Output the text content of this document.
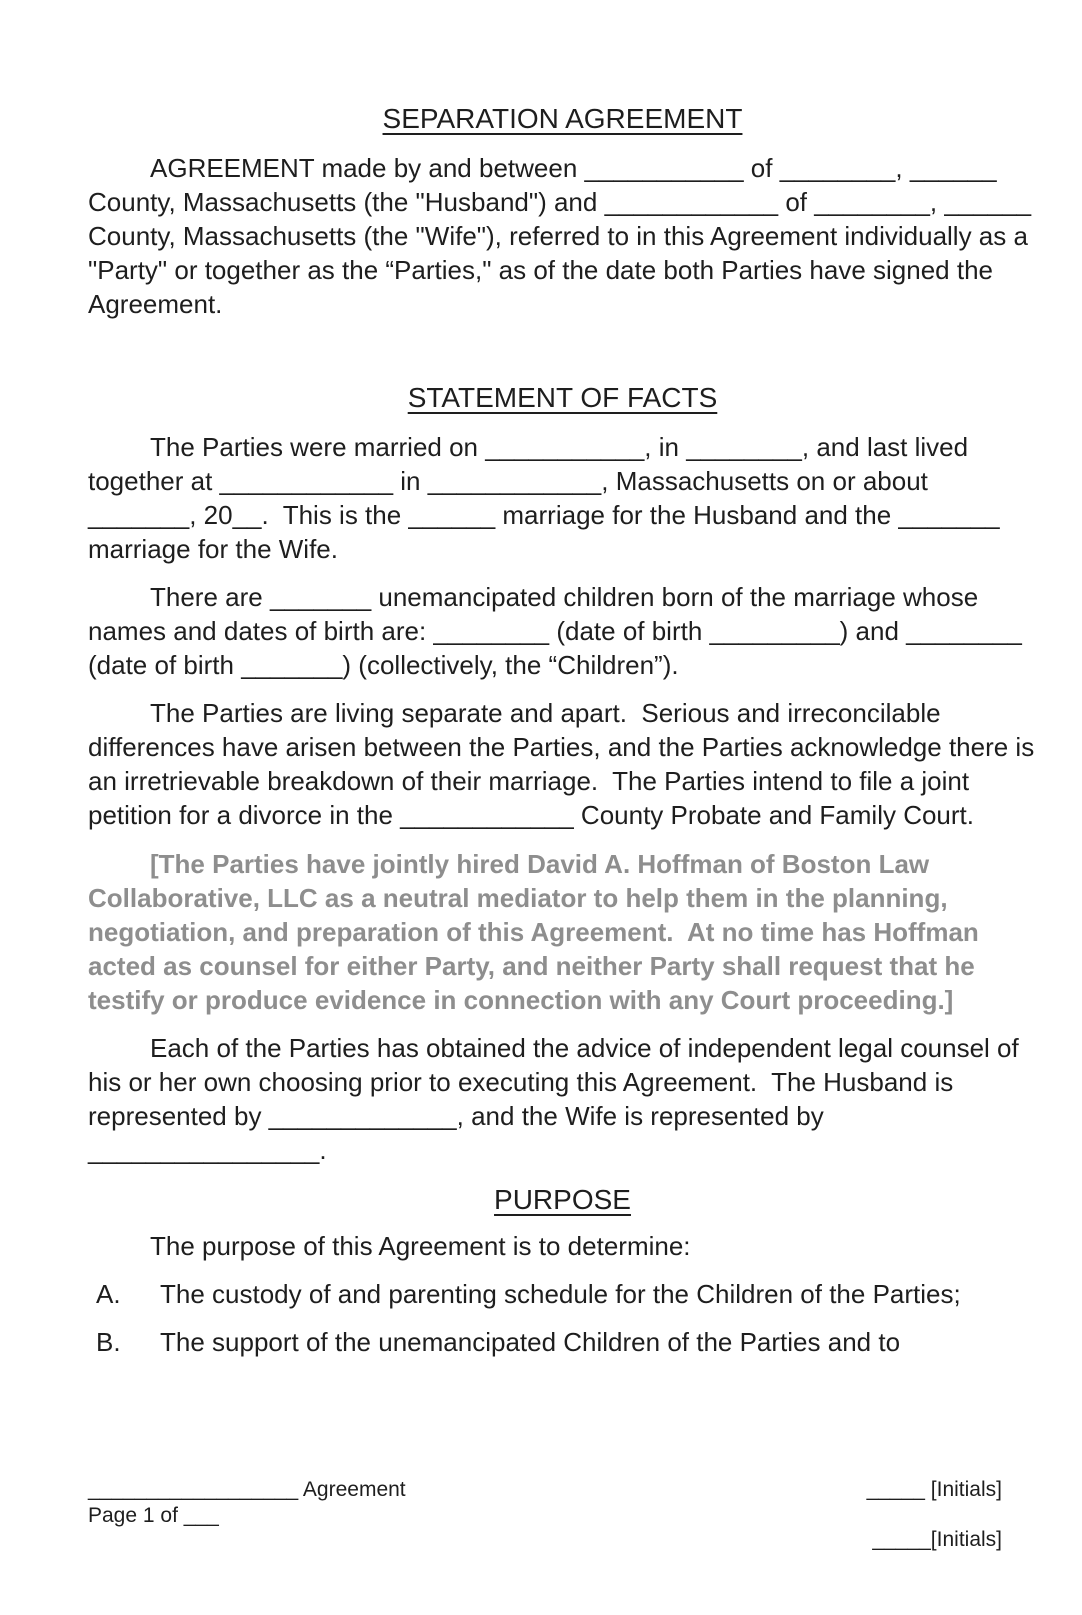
SEPARATION AGREEMENT

AGREEMENT made by and between ___________ of ________, ______ County, Massachusetts (the "Husband") and ____________ of ________, ______ County, Massachusetts (the "Wife"), referred to in this Agreement individually as a "Party" or together as the “Parties," as of the date both Parties have signed the Agreement.

STATEMENT OF FACTS

The Parties were married on ___________, in ________, and last lived together at ____________ in ____________, Massachusetts on or about _______, 20__.  This is the ______ marriage for the Husband and the _______ marriage for the Wife.

There are _______ unemancipated children born of the marriage whose names and dates of birth are: ________ (date of birth _________) and ________ (date of birth _______) (collectively, the “Children”).

The Parties are living separate and apart.  Serious and irreconcilable differences have arisen between the Parties, and the Parties acknowledge there is an irretrievable breakdown of their marriage.  The Parties intend to file a joint petition for a divorce in the ____________ County Probate and Family Court.

[The Parties have jointly hired David A. Hoffman of Boston Law Collaborative, LLC as a neutral mediator to help them in the planning, negotiation, and preparation of this Agreement.  At no time has Hoffman acted as counsel for either Party, and neither Party shall request that he testify or produce evidence in connection with any Court proceeding.]

Each of the Parties has obtained the advice of independent legal counsel of his or her own choosing prior to executing this Agreement.  The Husband is represented by _____________, and the Wife is represented by ________________.

PURPOSE

The purpose of this Agreement is to determine:

A.	The custody of and parenting schedule for the Children of the Parties;
B.	The support of the unemancipated Children of the Parties and to
__________________ Agreement
Page 1 of ___
_____ [Initials]
_____[Initials]
